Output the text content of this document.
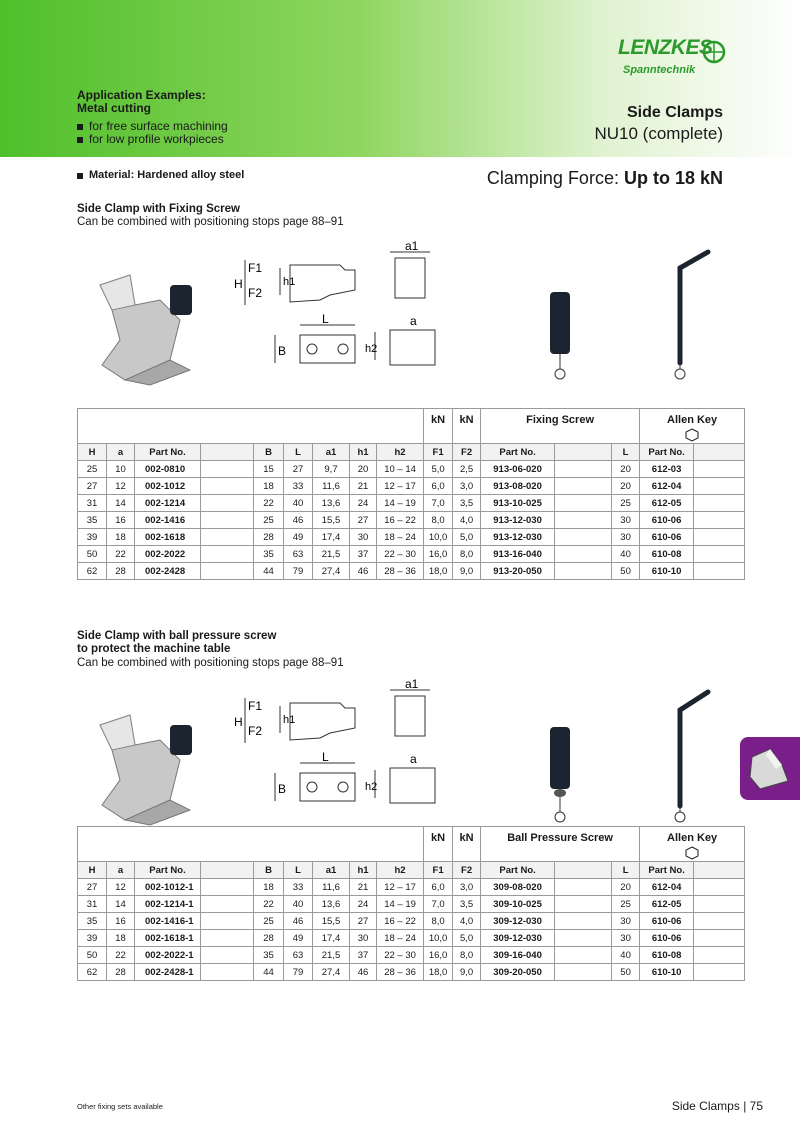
LENZKES
Spanntechnik
Application Examples:
Metal cutting
for free surface machining
for low profile workpieces
Side Clamps
NU10 (complete)
Material: Hardened alloy steel	Clamping Force: Up to 18 kN
Side Clamp with Fixing Screw
Can be combined with positioning stops page 88–91
F1
F2
H	h1
L
B
a1
a
h2
									kN	kN	Fixing Screw			Allen Key	

H	a	Part No.		B	L	a1	h1	h2	F1	F2	Part No.		L	Part No.	
25	10	002-0810		15	27	9,7	20	10 – 14	5,0	2,5	913-06-020		20	612-03	
27	12	002-1012		18	33	11,6	21	12 – 17	6,0	3,0	913-08-020		20	612-04	
31	14	002-1214		22	40	13,6	24	14 – 19	7,0	3,5	913-10-025		25	612-05	
35	16	002-1416		25	46	15,5	27	16 – 22	8,0	4,0	913-12-030		30	610-06	
39	18	002-1618		28	49	17,4	30	18 – 24	10,0	5,0	913-12-030		30	610-06	
50	22	002-2022		35	63	21,5	37	22 – 30	16,0	8,0	913-16-040		40	610-08	
62	28	002-2428		44	79	27,4	46	28 – 36	18,0	9,0	913-20-050		50	610-10	
Side Clamp with ball pressure screw
to protect the machine table
Can be combined with positioning stops page 88–91
F1
F2
H	h1
L
B
a1
a
h2
									kN	kN	Ball Pressure Screw			Allen Key	

H	a	Part No.		B	L	a1	h1	h2	F1	F2	Part No.		L	Part No.	
27	12	002-1012-1		18	33	11,6	21	12 – 17	6,0	3,0	309-08-020		20	612-04	
31	14	002-1214-1		22	40	13,6	24	14 – 19	7,0	3,5	309-10-025		25	612-05	
35	16	002-1416-1		25	46	15,5	27	16 – 22	8,0	4,0	309-12-030		30	610-06	
39	18	002-1618-1		28	49	17,4	30	18 – 24	10,0	5,0	309-12-030		30	610-06	
50	22	002-2022-1		35	63	21,5	37	22 – 30	16,0	8,0	309-16-040		40	610-08	
62	28	002-2428-1		44	79	27,4	46	28 – 36	18,0	9,0	309-20-050		50	610-10	
Other fixing sets available	Side Clamps | 75
